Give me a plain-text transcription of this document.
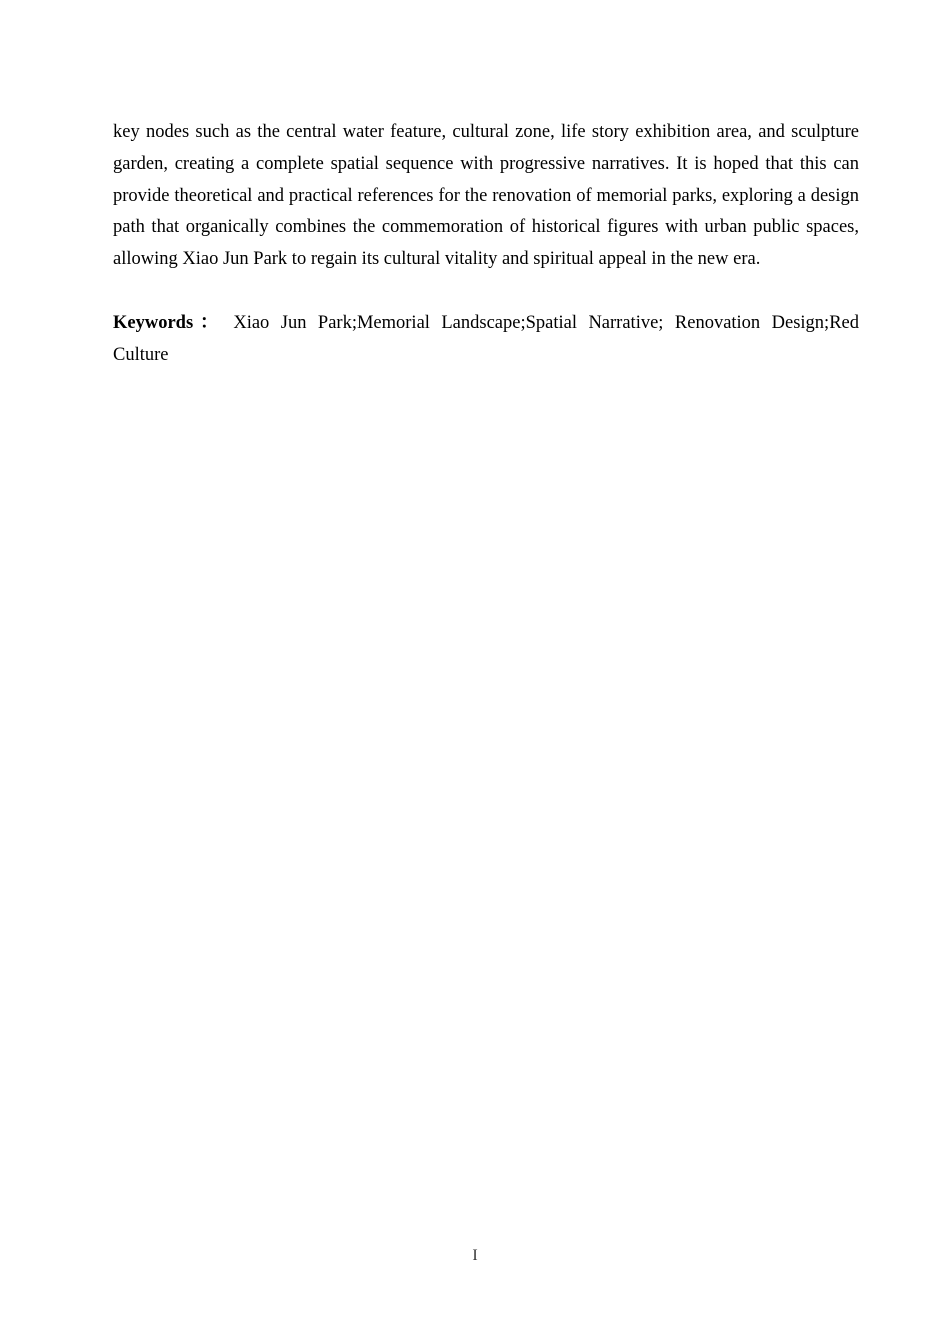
key nodes such as the central water feature, cultural zone, life story exhibition area, and sculpture garden, creating a complete spatial sequence with progressive narratives. It is hoped that this can provide theoretical and practical references for the renovation of memorial parks, exploring a design path that organically combines the commemoration of historical figures with urban public spaces, allowing Xiao Jun Park to regain its cultural vitality and spiritual appeal in the new era.

Keywords： Xiao Jun Park;Memorial Landscape;Spatial Narrative; Renovation Design;Red Culture

I
